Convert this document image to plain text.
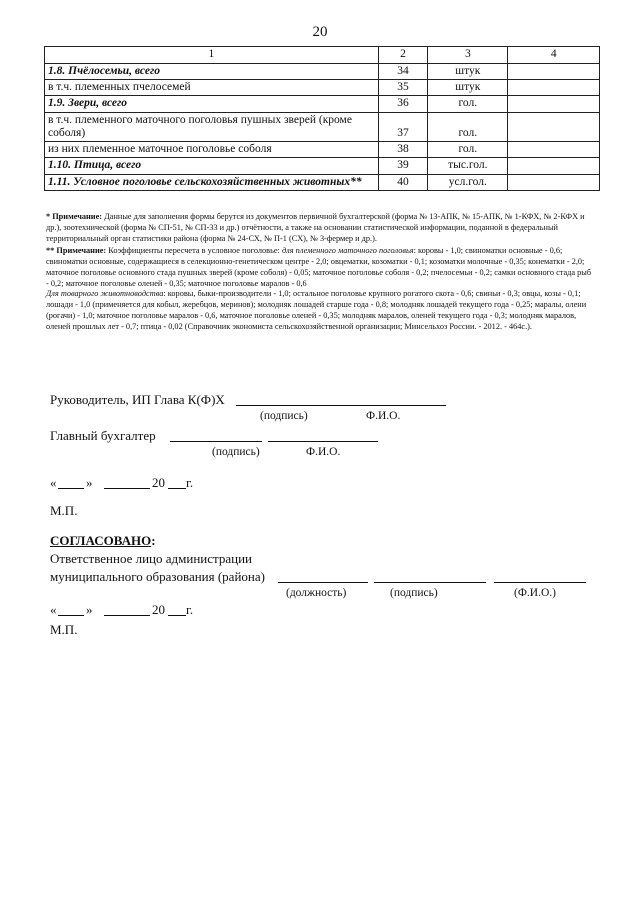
20
1	2	3	4
1.8. Пчёлосемьи, всего	34	штук	
в т.ч. племенных пчелосемей	35	штук	
1.9. Звери, всего	36	гол.	
в т.ч. племенного маточного поголовья пушных зверей (кроме соболя)	37	гол.	
из них племенное маточное поголовье соболя	38	гол.	
1.10. Птица, всего	39	тыс.гол.	
1.11. Условное поголовье сельскохозяйственных животных**	40	усл.гол.	

* Примечание: Данные для заполнения формы берутся из документов первичной бухгалтерской (форма № 13-АПК, № 15-АПК, № 1-КФХ, № 2-КФХ и др.), зоотехнической (форма № СП-51, № СП-33 и др.) отчётности, а также на основании статистической информации, поданной в федеральный территориальный орган статистики района (форма № 24-СХ, № П-1 (СХ), № 3-фермер и др.).

** Примечание: Коэффициенты пересчета в условное поголовье: для племенного маточного поголовья: коровы - 1,0; свиноматки основные - 0,6; свиноматки основные, содержащиеся в селекционно-генетическом центре - 2,0; овцематки, козоматки - 0,1; козоматки молочные - 0,35; конематки - 2,0; маточное поголовье основного стада пушных зверей (кроме соболя) - 0,05; маточное поголовье соболя - 0,2; пчелосемьи - 0,2; самки основного стада рыб - 0,2; маточное поголовье оленей - 0,35; маточное поголовье маралов - 0,6

Для товарного животноводства: коровы, быки-производители - 1,0; остальное поголовье крупного рогатого скота - 0,6; свиньи - 0,3; овцы, козы - 0,1; лошади - 1,0 (применяется для кобыл, жеребцов, меринов); молодняк лошадей старше года - 0,8; молодняк лошадей текущего года - 0,25; маралы, олени (рогачи) - 1,0; маточное поголовье маралов - 0,6, маточное поголовье оленей - 0,35; молодняк маралов, оленей текущего года - 0,3; молодняк маралов, оленей прошлых лет - 0,7; птица - 0,02 (Справочник экономиста сельскохозяйственной организации; Минсельхоз России. - 2012. - 464с.).

Руководитель, ИП Глава К(Ф)Х
(подпись)	Ф.И.О.
Главный бухгалтер
(подпись)	Ф.И.О.
« »	20 г.
М.П.
СОГЛАСОВАНО:
Ответственное лицо администрации
муниципального образования (района)
(должность)	(подпись)	(Ф.И.О.)
« »	20 г.
М.П.
